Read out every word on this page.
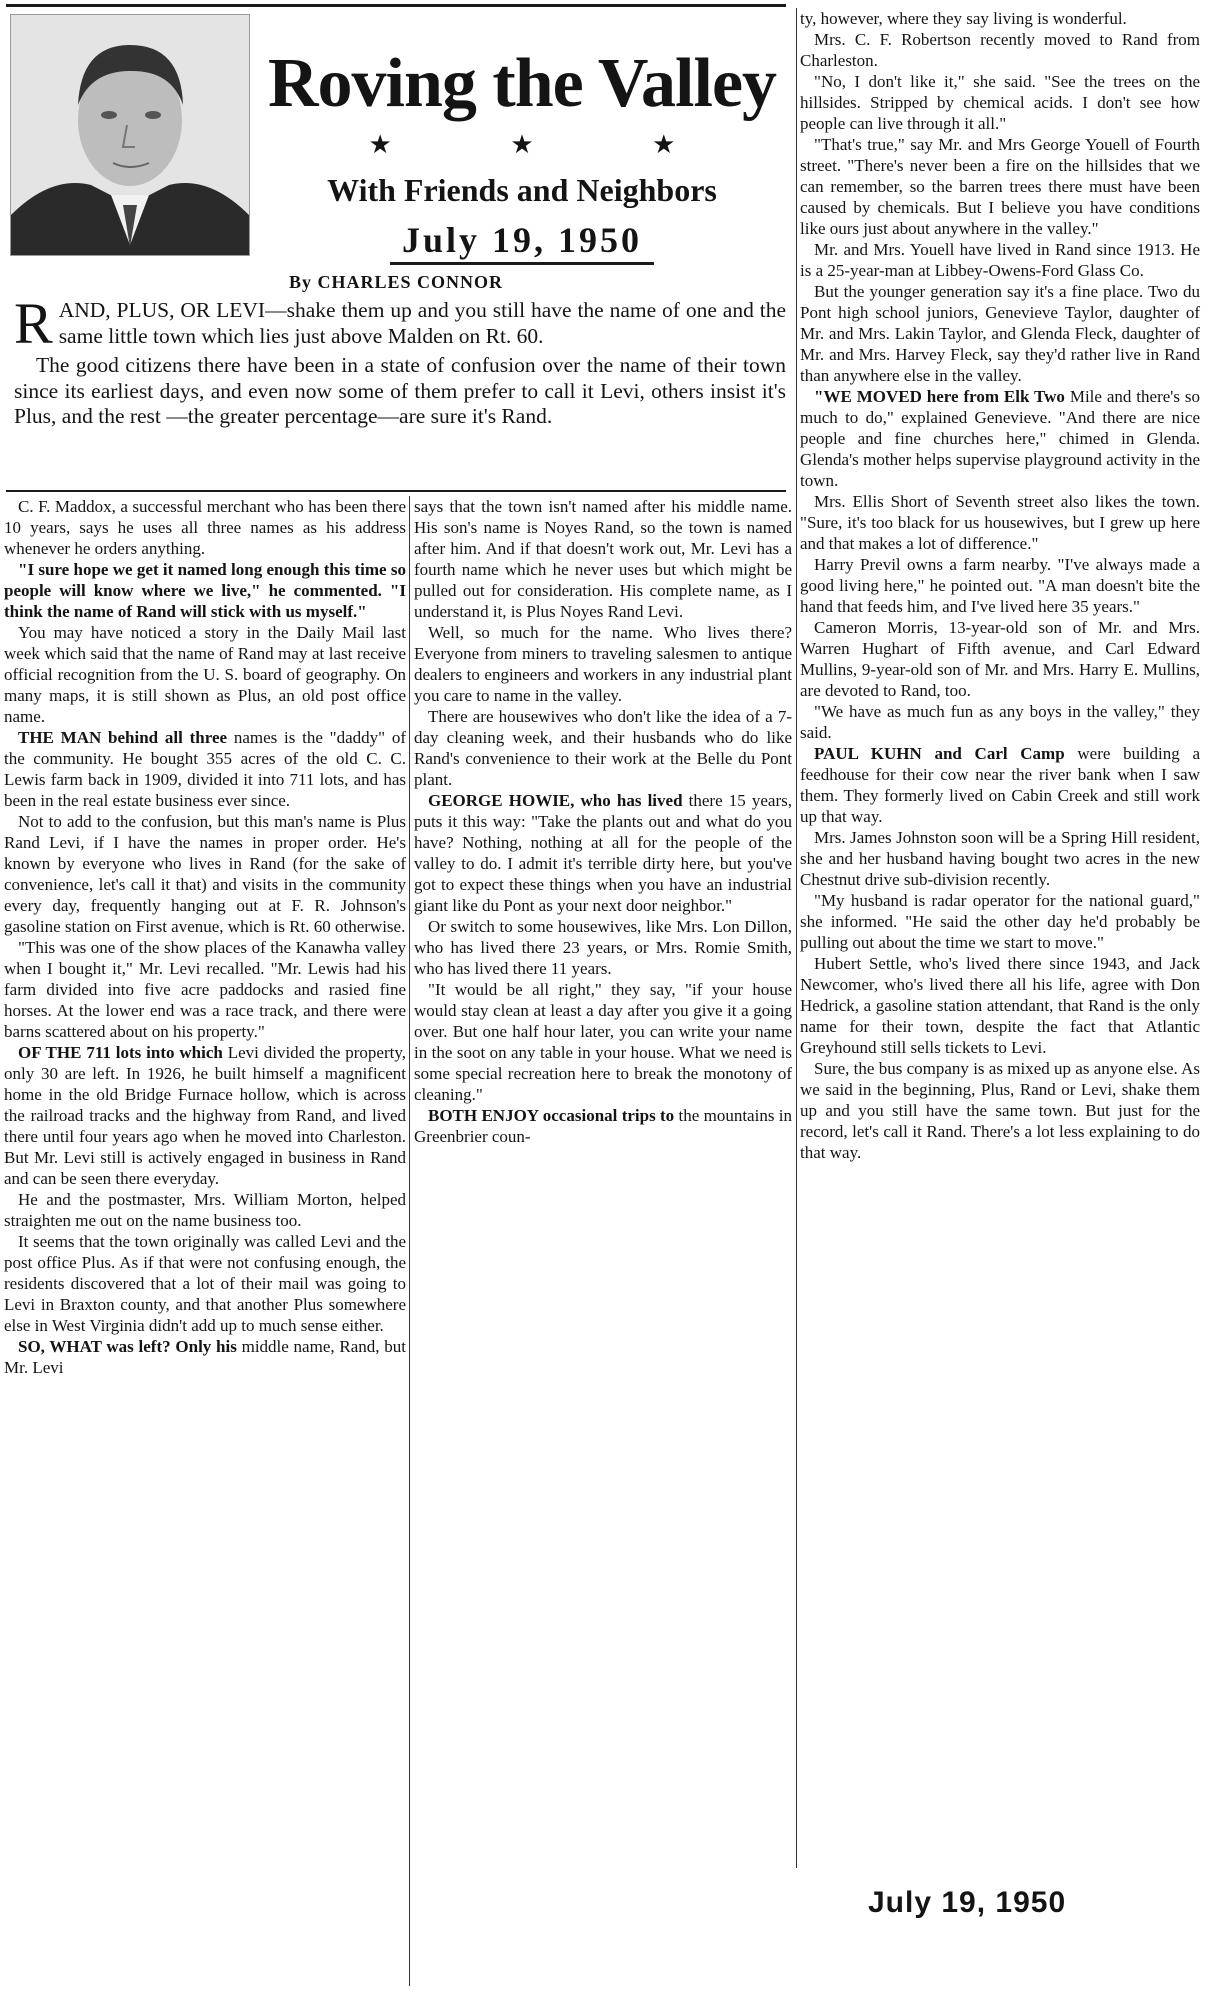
Roving the Valley
★ ★ ★
With Friends and Neighbors
July 19, 1950
By CHARLES CONNOR

RAND, PLUS, OR LEVI—shake them up and you still have the name of one and the same little town which lies just above Malden on Rt. 60.

The good citizens there have been in a state of confusion over the name of their town since its earliest days, and even now some of them prefer to call it Levi, others insist it's Plus, and the rest —the greater percentage—are sure it's Rand.

C. F. Maddox, a successful merchant who has been there 10 years, says he uses all three names as his address whenever he orders anything.

"I sure hope we get it named long enough this time so people will know where we live," he commented. "I think the name of Rand will stick with us myself."

You may have noticed a story in the Daily Mail last week which said that the name of Rand may at last receive official recognition from the U. S. board of geography. On many maps, it is still shown as Plus, an old post office name.

THE MAN behind all three names is the "daddy" of the community. He bought 355 acres of the old C. C. Lewis farm back in 1909, divided it into 711 lots, and has been in the real estate business ever since.

Not to add to the confusion, but this man's name is Plus Rand Levi, if I have the names in proper order. He's known by everyone who lives in Rand (for the sake of convenience, let's call it that) and visits in the community every day, frequently hanging out at F. R. Johnson's gasoline station on First avenue, which is Rt. 60 otherwise.

"This was one of the show places of the Kanawha valley when I bought it," Mr. Levi recalled. "Mr. Lewis had his farm divided into five acre paddocks and rasied fine horses. At the lower end was a race track, and there were barns scattered about on his property."

OF THE 711 lots into which Levi divided the property, only 30 are left. In 1926, he built himself a magnificent home in the old Bridge Furnace hollow, which is across the railroad tracks and the highway from Rand, and lived there until four years ago when he moved into Charleston. But Mr. Levi still is actively engaged in business in Rand and can be seen there everyday.

He and the postmaster, Mrs. William Morton, helped straighten me out on the name business too.

It seems that the town originally was called Levi and the post office Plus. As if that were not confusing enough, the residents discovered that a lot of their mail was going to Levi in Braxton county, and that another Plus somewhere else in West Virginia didn't add up to much sense either.

SO, WHAT was left? Only his middle name, Rand, but Mr. Levi

says that the town isn't named after his middle name. His son's name is Noyes Rand, so the town is named after him. And if that doesn't work out, Mr. Levi has a fourth name which he never uses but which might be pulled out for consideration. His complete name, as I understand it, is Plus Noyes Rand Levi.

Well, so much for the name. Who lives there? Everyone from miners to traveling salesmen to antique dealers to engineers and workers in any industrial plant you care to name in the valley.

There are housewives who don't like the idea of a 7-day cleaning week, and their husbands who do like Rand's convenience to their work at the Belle du Pont plant.

GEORGE HOWIE, who has lived there 15 years, puts it this way: "Take the plants out and what do you have? Nothing, nothing at all for the people of the valley to do. I admit it's terrible dirty here, but you've got to expect these things when you have an industrial giant like du Pont as your next door neighbor."

Or switch to some housewives, like Mrs. Lon Dillon, who has lived there 23 years, or Mrs. Romie Smith, who has lived there 11 years.

"It would be all right," they say, "if your house would stay clean at least a day after you give it a going over. But one half hour later, you can write your name in the soot on any table in your house. What we need is some special recreation here to break the monotony of cleaning."

BOTH ENJOY occasional trips to the mountains in Greenbrier coun-

ty, however, where they say living is wonderful.

Mrs. C. F. Robertson recently moved to Rand from Charleston.

"No, I don't like it," she said. "See the trees on the hillsides. Stripped by chemical acids. I don't see how people can live through it all."

"That's true," say Mr. and Mrs George Youell of Fourth street. "There's never been a fire on the hillsides that we can remember, so the barren trees there must have been caused by chemicals. But I believe you have conditions like ours just about anywhere in the valley."

Mr. and Mrs. Youell have lived in Rand since 1913. He is a 25-year-man at Libbey-Owens-Ford Glass Co.

But the younger generation say it's a fine place. Two du Pont high school juniors, Genevieve Taylor, daughter of Mr. and Mrs. Lakin Taylor, and Glenda Fleck, daughter of Mr. and Mrs. Harvey Fleck, say they'd rather live in Rand than anywhere else in the valley.

"WE MOVED here from Elk Two Mile and there's so much to do," explained Genevieve. "And there are nice people and fine churches here," chimed in Glenda. Glenda's mother helps supervise playground activity in the town.

Mrs. Ellis Short of Seventh street also likes the town. "Sure, it's too black for us housewives, but I grew up here and that makes a lot of difference."

Harry Previl owns a farm nearby. "I've always made a good living here," he pointed out. "A man doesn't bite the hand that feeds him, and I've lived here 35 years."

Cameron Morris, 13-year-old son of Mr. and Mrs. Warren Hughart of Fifth avenue, and Carl Edward Mullins, 9-year-old son of Mr. and Mrs. Harry E. Mullins, are devoted to Rand, too.

"We have as much fun as any boys in the valley," they said.

PAUL KUHN and Carl Camp were building a feedhouse for their cow near the river bank when I saw them. They formerly lived on Cabin Creek and still work up that way.

Mrs. James Johnston soon will be a Spring Hill resident, she and her husband having bought two acres in the new Chestnut drive sub-division recently.

"My husband is radar operator for the national guard," she informed. "He said the other day he'd probably be pulling out about the time we start to move."

Hubert Settle, who's lived there since 1943, and Jack Newcomer, who's lived there all his life, agree with Don Hedrick, a gasoline station attendant, that Rand is the only name for their town, despite the fact that Atlantic Greyhound still sells tickets to Levi.

Sure, the bus company is as mixed up as anyone else. As we said in the beginning, Plus, Rand or Levi, shake them up and you still have the same town. But just for the record, let's call it Rand. There's a lot less explaining to do that way.

July 19, 1950
